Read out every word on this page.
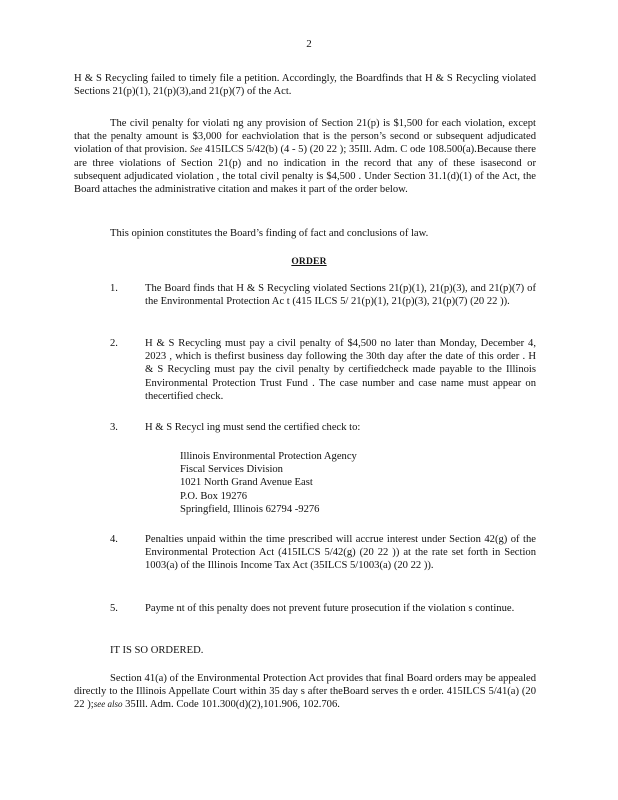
2

H & S Recycling failed to timely file a petition. Accordingly, the Boardfinds that H & S Recycling violated Sections 21(p)(1), 21(p)(3),and 21(p)(7) of the Act.

The civil penalty for violati ng any provision of Section 21(p) is $1,500 for each violation, except that the penalty amount is $3,000 for eachviolation that is the person’s second or subsequent adjudicated violation of that provision. See 415ILCS 5/42(b) (4 - 5) (20 22 ); 35Ill. Adm. C ode 108.500(a).Because there are three violations of Section 21(p) and no indication in the record that any of these isasecond or subsequent adjudicated violation , the total civil penalty is $4,500 . Under Section 31.1(d)(1) of the Act, the Board attaches the administrative citation and makes it part of the order below.

This opinion constitutes the Board’s finding of fact and conclusions of law.

ORDER
1.	The Board finds that H & S Recycling violated Sections 21(p)(1), 21(p)(3), and 21(p)(7) of the Environmental Protection Ac t (415 ILCS 5/ 21(p)(1), 21(p)(3), 21(p)(7) (20 22 )).

2.	H & S Recycling must pay a civil penalty of $4,500 no later than Monday, December 4, 2023 , which is thefirst business day following the 30th day after the date of this order . H & S Recycling must pay the civil penalty by certifiedcheck made payable to the Illinois Environmental Protection Trust Fund . The case number and case name must appear on thecertified check.

3.	H & S Recycl ing must send the certified check to:

Illinois Environmental Protection Agency
Fiscal Services Division
1021 North Grand Avenue East
P.O. Box 19276
Springfield, Illinois 62794 -9276
4.	Penalties unpaid within the time prescribed will accrue interest under Section 42(g) of the Environmental Protection Act (415ILCS 5/42(g) (20 22 )) at the rate set forth in Section 1003(a) of the Illinois Income Tax Act (35ILCS 5/1003(a) (20 22 )).

5.	Payme nt of this penalty does not prevent future prosecution if the violation s continue.

IT IS SO ORDERED.

Section 41(a) of the Environmental Protection Act provides that final Board orders may be appealed directly to the Illinois Appellate Court within 35 day s after theBoard serves th e order. 415ILCS 5/41(a) (20 22 );see also 35Ill. Adm. Code 101.300(d)(2),101.906, 102.706.
